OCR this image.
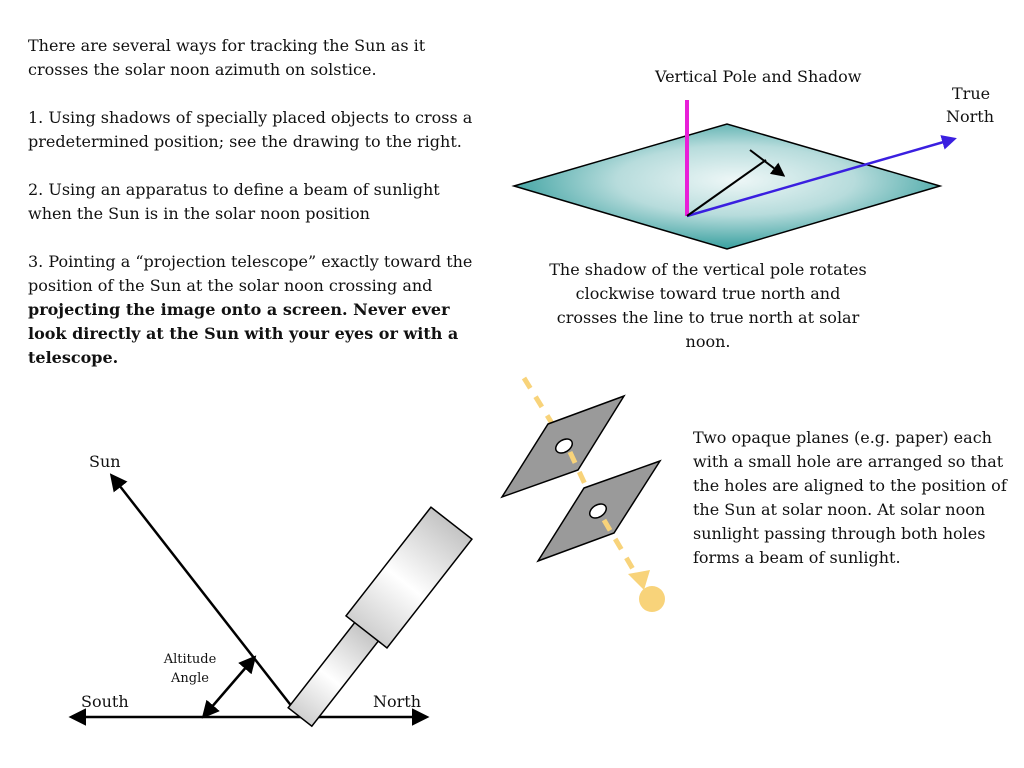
There are several ways for tracking the Sun as it crosses the solar noon azimuth on solstice.

1. Using shadows of specially placed objects to cross a predetermined position; see the drawing to the right.

2. Using an apparatus to define a beam of sunlight when the Sun is in the solar noon position

3. Pointing a “projection telescope” exactly toward the position of the Sun at the solar noon crossing and projecting the image onto a screen. Never ever look directly at the Sun with your eyes or with a telescope.

Vertical Pole and Shadow
True
North
The shadow of the vertical pole rotates clockwise toward true north and crosses the line to true north at solar noon.
Two opaque planes (e.g. paper) each with a small hole are arranged so that the holes are aligned to the position of the Sun at solar noon. At solar noon sunlight passing through both holes forms a beam of sunlight.
Sun
Altitude
Angle
South	North
